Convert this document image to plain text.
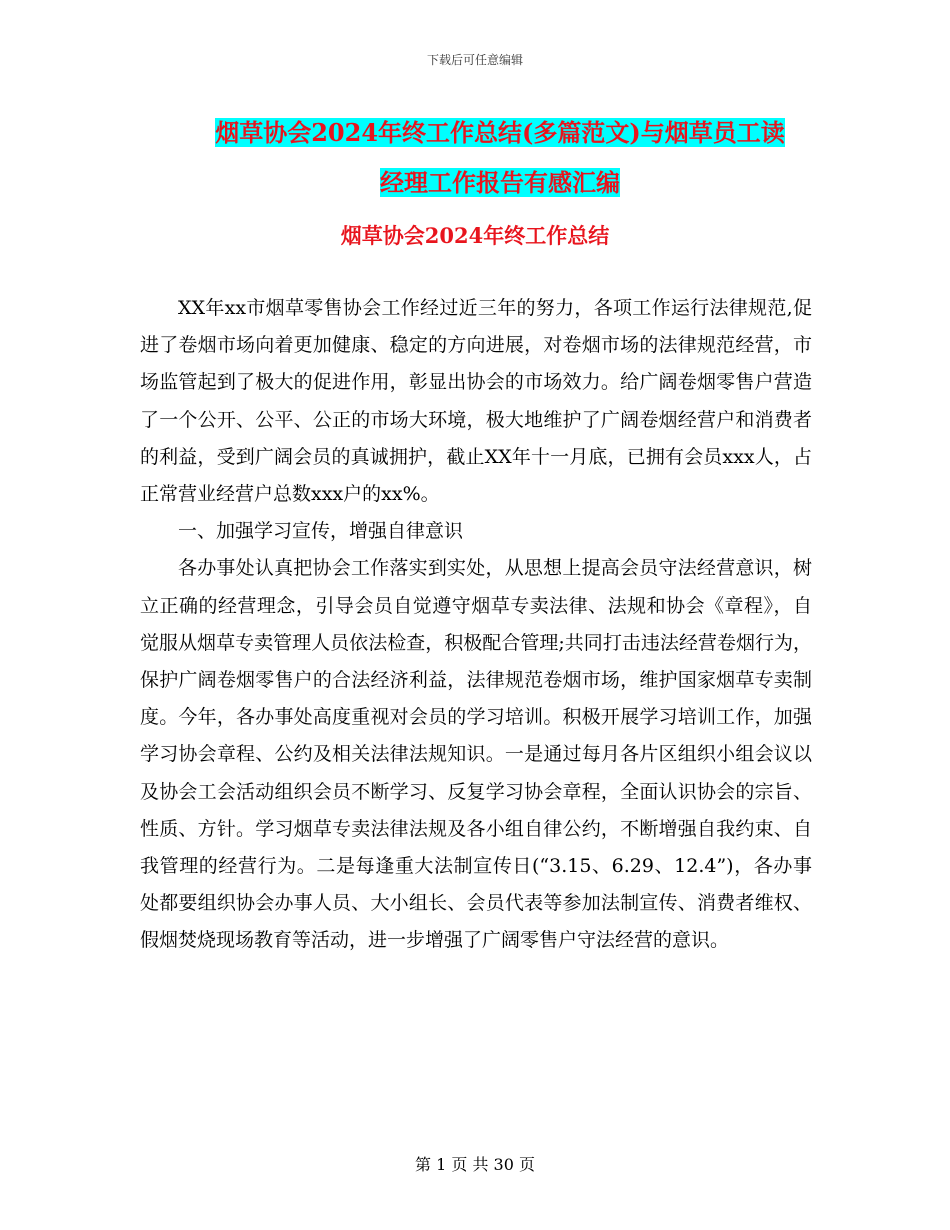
下载后可任意编辑
烟草协会2024年终工作总结(多篇范文)与烟草员工读
经理工作报告有感汇编
烟草协会2024年终工作总结

XX年xx市烟草零售协会工作经过近三年的努力，各项工作运行法律规范,促进了卷烟市场向着更加健康、稳定的方向进展，对卷烟市场的法律规范经营，市场监管起到了极大的促进作用，彰显出协会的市场效力。给广阔卷烟零售户营造了一个公开、公平、公正的市场大环境，极大地维护了广阔卷烟经营户和消费者的利益，受到广阔会员的真诚拥护，截止XX年十一月底，已拥有会员xxx人，占正常营业经营户总数xxx户的xx%。

一、加强学习宣传，增强自律意识

各办事处认真把协会工作落实到实处，从思想上提高会员守法经营意识，树立正确的经营理念，引导会员自觉遵守烟草专卖法律、法规和协会《章程》，自觉服从烟草专卖管理人员依法检查，积极配合管理;共同打击违法经营卷烟行为，保护广阔卷烟零售户的合法经济利益，法律规范卷烟市场，维护国家烟草专卖制度。今年，各办事处高度重视对会员的学习培训。积极开展学习培训工作，加强学习协会章程、公约及相关法律法规知识。一是通过每月各片区组织小组会议以及协会工会活动组织会员不断学习、反复学习协会章程，全面认识协会的宗旨、性质、方针。学习烟草专卖法律法规及各小组自律公约，不断增强自我约束、自我管理的经营行为。二是每逢重大法制宣传日(“3.15、6.29、12.4”)，各办事处都要组织协会办事人员、大小组长、会员代表等参加法制宣传、消费者维权、假烟焚烧现场教育等活动，进一步增强了广阔零售户守法经营的意识。

第 1 页 共 30 页
